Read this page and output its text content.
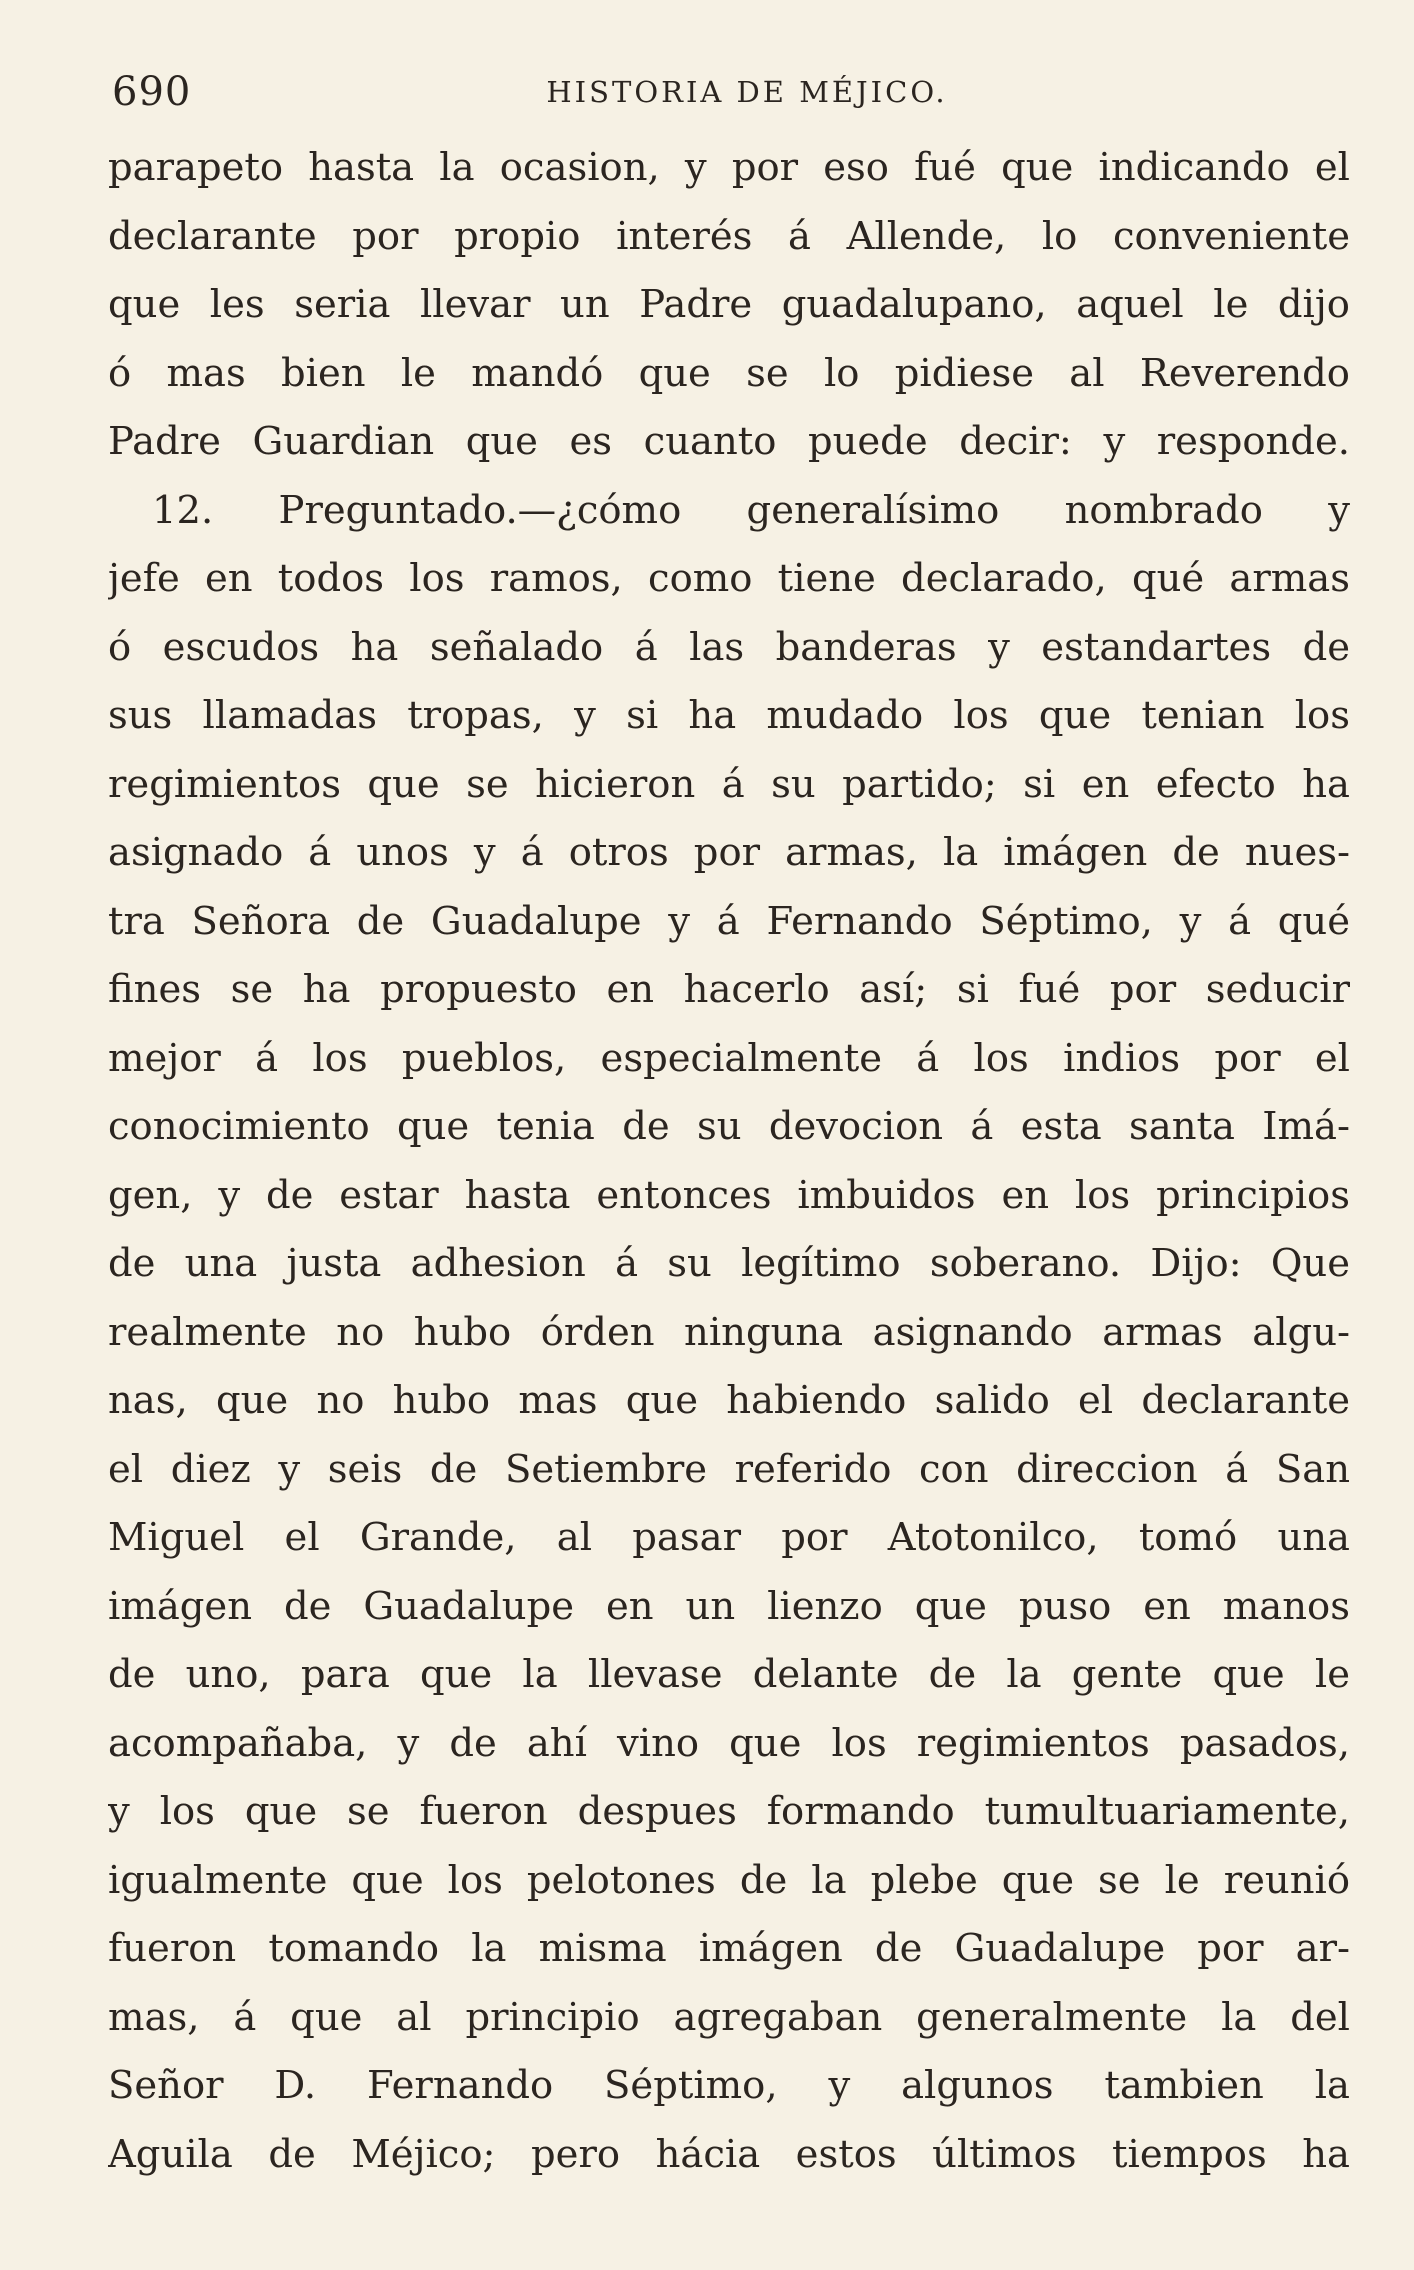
690	HISTORIA DE MÉJICO.
parapeto hasta la ocasion, y por eso fué que indicando el
declarante por propio interés á Allende, lo conveniente
que les seria llevar un Padre guadalupano, aquel le dijo
ó mas bien le mandó que se lo pidiese al Reverendo
Padre Guardian que es cuanto puede decir: y responde.
12. Preguntado.—¿cómo generalísimo nombrado y
jefe en todos los ramos, como tiene declarado, qué armas
ó escudos ha señalado á las banderas y estandartes de
sus llamadas tropas, y si ha mudado los que tenian los
regimientos que se hicieron á su partido; si en efecto ha
asignado á unos y á otros por armas, la imágen de nues-
tra Señora de Guadalupe y á Fernando Séptimo, y á qué
fines se ha propuesto en hacerlo así; si fué por seducir
mejor á los pueblos, especialmente á los indios por el
conocimiento que tenia de su devocion á esta santa Imá-
gen, y de estar hasta entonces imbuidos en los principios
de una justa adhesion á su legítimo soberano. Dijo: Que
realmente no hubo órden ninguna asignando armas algu-
nas, que no hubo mas que habiendo salido el declarante
el diez y seis de Setiembre referido con direccion á San
Miguel el Grande, al pasar por Atotonilco, tomó una
imágen de Guadalupe en un lienzo que puso en manos
de uno, para que la llevase delante de la gente que le
acompañaba, y de ahí vino que los regimientos pasados,
y los que se fueron despues formando tumultuariamente,
igualmente que los pelotones de la plebe que se le reunió
fueron tomando la misma imágen de Guadalupe por ar-
mas, á que al principio agregaban generalmente la del
Señor D. Fernando Séptimo, y algunos tambien la
Aguila de Méjico; pero hácia estos últimos tiempos ha
